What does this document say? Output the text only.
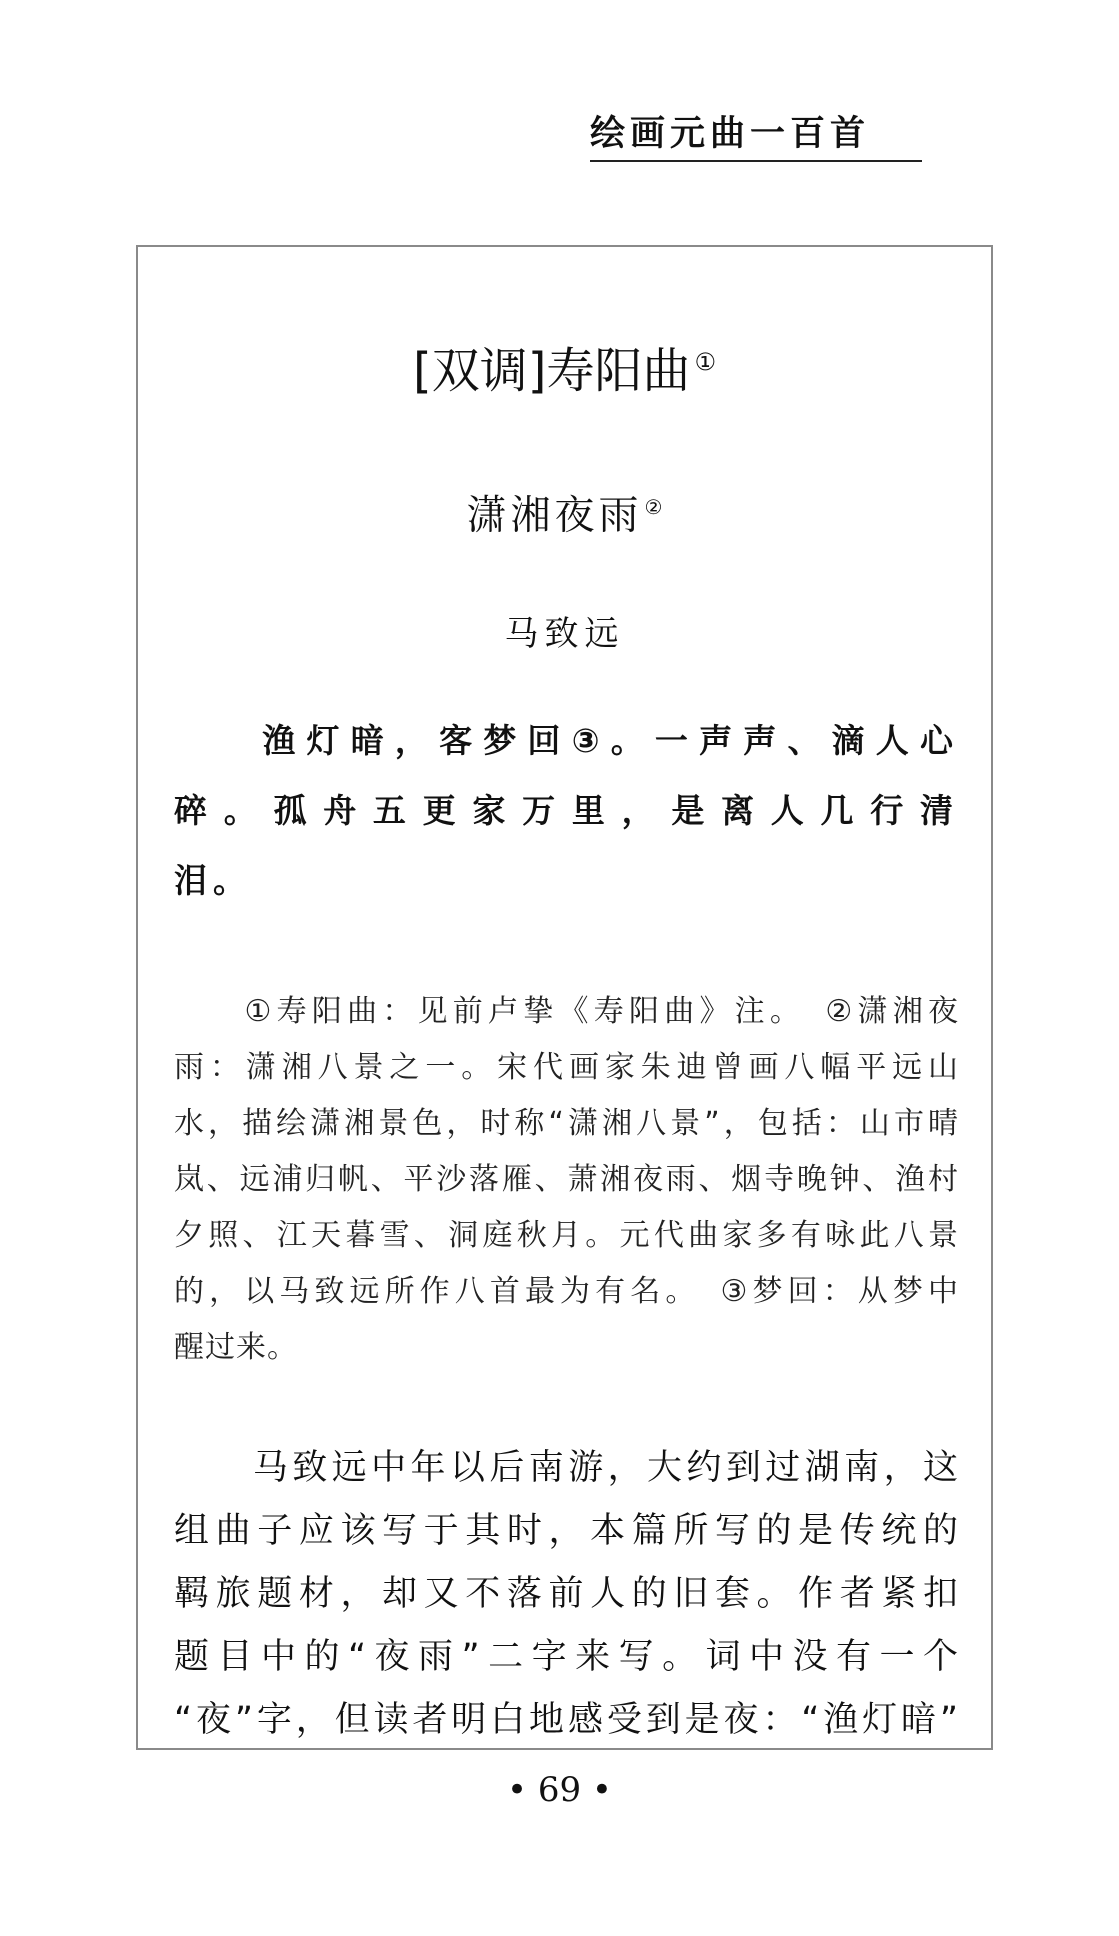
绘画元曲一百首
[双调]寿阳曲 ①
潇湘夜雨 ②
马致远
　　渔灯暗，客梦回③。一声声、滴人心
碎。孤舟五更家万里，是离人几行清
泪。
　　①寿阳曲：见前卢挚《寿阳曲》注。　②潇湘夜
雨：潇湘八景之一。宋代画家朱迪曾画八幅平远山
水，描绘潇湘景色，时称“潇湘八景”，包括：山市晴
岚、远浦归帆、平沙落雁、萧湘夜雨、烟寺晚钟、渔村
夕照、江天暮雪、洞庭秋月。元代曲家多有咏此八景
的，以马致远所作八首最为有名。　③梦回：从梦中
醒过来。
　　马致远中年以后南游，大约到过湖南，这
组曲子应该写于其时，本篇所写的是传统的
羁旅题材，却又不落前人的旧套。作者紧扣
题目中的“夜雨”二字来写。词中没有一个
“夜”字，但读者明白地感受到是夜：“渔灯暗”
• 69 •
